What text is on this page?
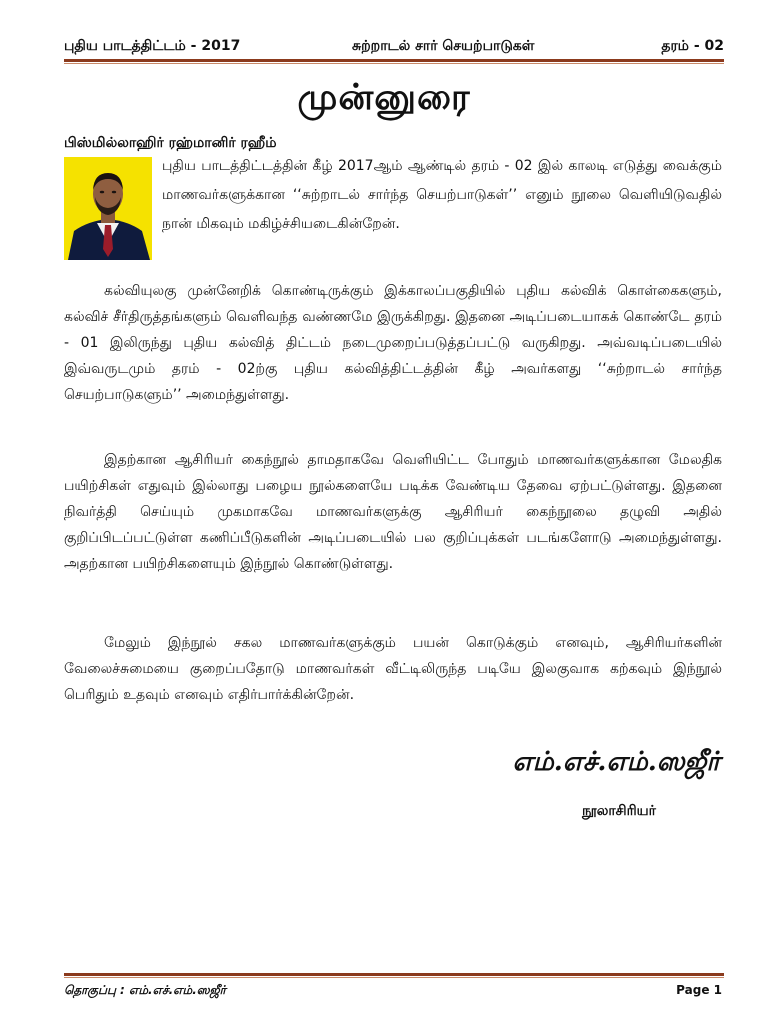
புதிய பாடத்திட்டம் - 2017	சுற்றாடல் சார் செயற்பாடுகள்	தரம் - 02
முன்னுரை
பிஸ்மில்லாஹிர் ரஹ்மானிர் ரஹீம்
புதிய பாடத்திட்டத்தின் கீழ் 2017ஆம் ஆண்டில் தரம் - 02 இல் காலடி எடுத்து வைக்கும் மாணவர்களுக்கான ‘‘சுற்றாடல் சார்ந்த செயற்பாடுகள்’’ எனும் நூலை வெளியிடுவதில் நான் மிகவும் மகிழ்ச்சியடைகின்றேன்.
கல்வியுலகு முன்னேறிக் கொண்டிருக்கும் இக்காலப்பகுதியில் புதிய கல்விக் கொள்கைகளும், கல்விச் சீர்திருத்தங்களும் வெளிவந்த வண்ணமே இருக்கிறது. இதனை அடிப்படையாகக் கொண்டே தரம் - 01 இலிருந்து புதிய கல்வித் திட்டம் நடைமுறைப்படுத்தப்பட்டு வருகிறது. அவ்வடிப்படையில் இவ்வருடமும் தரம் - 02ற்கு புதிய கல்வித்திட்டத்தின் கீழ் அவர்களது ‘‘சுற்றாடல் சார்ந்த செயற்பாடுகளும்’’ அமைந்துள்ளது.
இதற்கான ஆசிரியர் கைந்நூல் தாமதாகவே வெளியிட்ட போதும் மாணவர்களுக்கான மேலதிக பயிற்சிகள் எதுவும் இல்லாது பழைய நூல்களையே படிக்க வேண்டிய தேவை ஏற்பட்டுள்ளது. இதனை நிவர்த்தி செய்யும் முகமாகவே மாணவர்களுக்கு ஆசிரியர் கைந்நூலை தழுவி அதில் குறிப்பிடப்பட்டுள்ள கணிப்பீடுகளின் அடிப்படையில் பல குறிப்புக்கள் படங்களோடு அமைந்துள்ளது. அதற்கான பயிற்சிகளையும் இந்நூல் கொண்டுள்ளது.
மேலும் இந்நூல் சகல மாணவர்களுக்கும் பயன் கொடுக்கும் எனவும், ஆசிரியர்களின் வேலைச்சுமையை குறைப்பதோடு மாணவர்கள் வீட்டிலிருந்த படியே இலகுவாக கற்கவும் இந்நூல் பெரிதும் உதவும் எனவும் எதிர்பார்க்கின்றேன்.
எம்.எச்.எம்.ஸஜீர்
நூலாசிரியர்
தொகுப்பு : எம்.எச்.எம்.ஸஜீர்	Page 1
